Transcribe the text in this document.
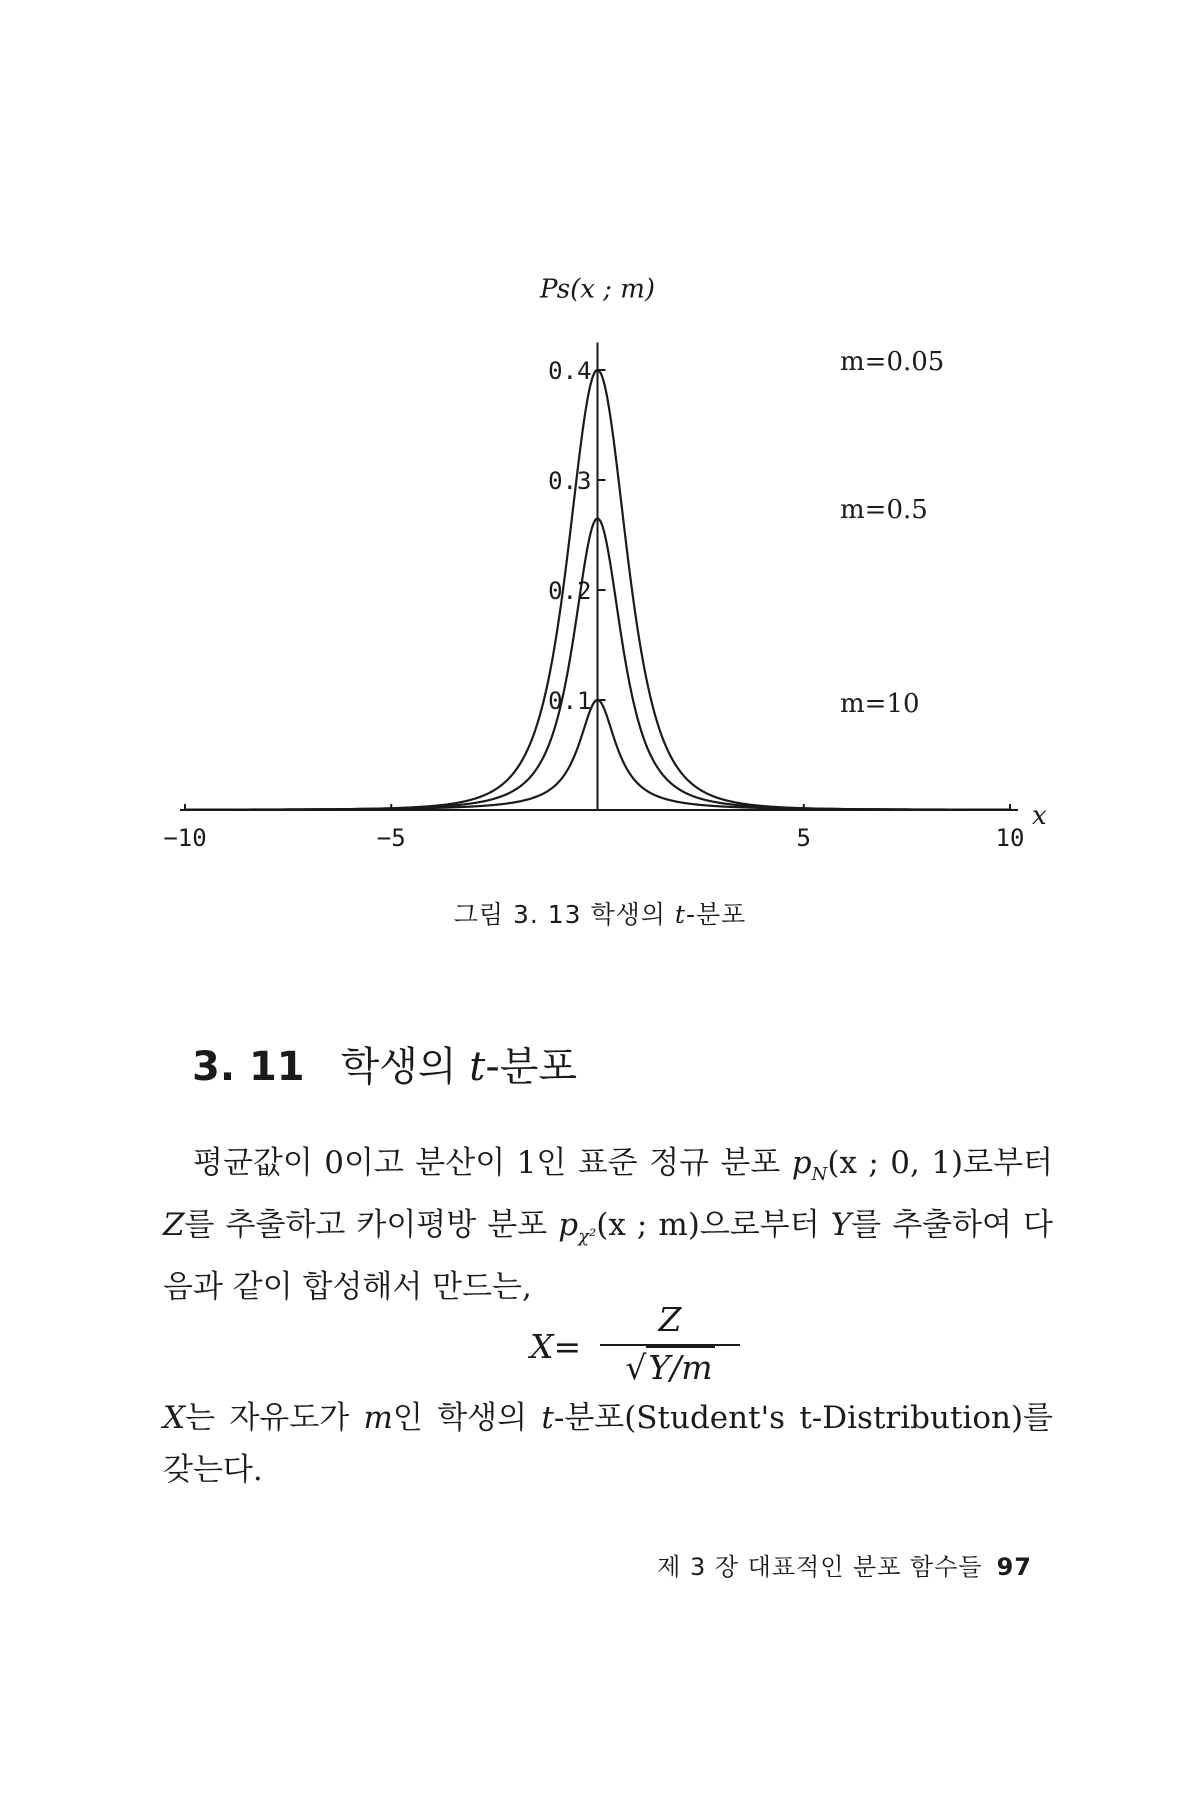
0.1
0.2
0.3
0.4
−10	−5	5	10
Ps(x ; m)
x
m=0.05
m=0.5
m=10
그림 3. 13 학생의 t-분포
3. 11 학생의 t-분포

평균값이 0이고 분산이 1인 표준 정규 분포 $p_N(x$ ; 0, 1)로부터 Z를 추출하고 카이평방 분포 $p_{\chi^2}(x$ ; m)으로부터 Y를 추출하여 다음과 같이 합성해서 만드는,

X=
Z
√Y/m

X는 자유도가 m인 학생의 t-분포(Student's t-Distribution)를 갖는다.

제 3 장 대표적인 분포 함수들 97
